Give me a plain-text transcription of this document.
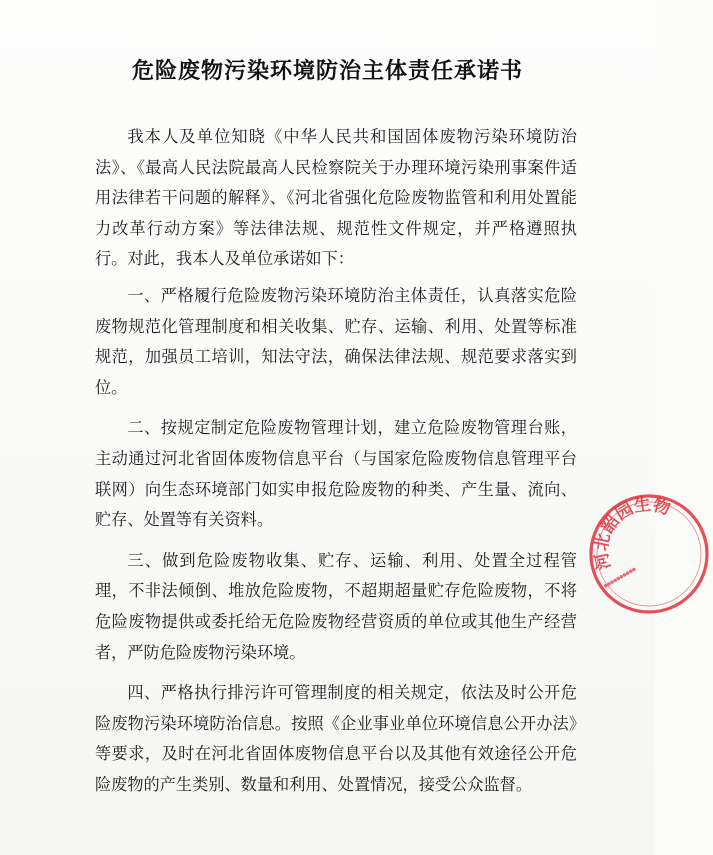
危险废物污染环境防治主体责任承诺书

我本人及单位知晓《中华人民共和国固体废物污染环境防治法》、《最高人民法院最高人民检察院关于办理环境污染刑事案件适用法律若干问题的解释》、《河北省强化危险废物监管和利用处置能力改革行动方案》等法律法规、规范性文件规定，并严格遵照执行。对此，我本人及单位承诺如下：

一、严格履行危险废物污染环境防治主体责任，认真落实危险废物规范化管理制度和相关收集、贮存、运输、利用、处置等标准规范，加强员工培训，知法守法，确保法律法规、规范要求落实到位。

二、按规定制定危险废物管理计划，建立危险废物管理台账，主动通过河北省固体废物信息平台（与国家危险废物信息管理平台联网）向生态环境部门如实申报危险废物的种类、产生量、流向、贮存、处置等有关资料。

三、做到危险废物收集、贮存、运输、利用、处置全过程管理，不非法倾倒、堆放危险废物，不超期超量贮存危险废物，不将危险废物提供或委托给无危险废物经营资质的单位或其他生产经营者，严防危险废物污染环境。

四、严格执行排污许可管理制度的相关规定，依法及时公开危险废物污染环境防治信息。按照《企业事业单位环境信息公开办法》等要求，及时在河北省固体废物信息平台以及其他有效途径公开危险废物的产生类别、数量和利用、处置情况，接受公众监督。

河北韶园生物
●●●●●●●●●●
